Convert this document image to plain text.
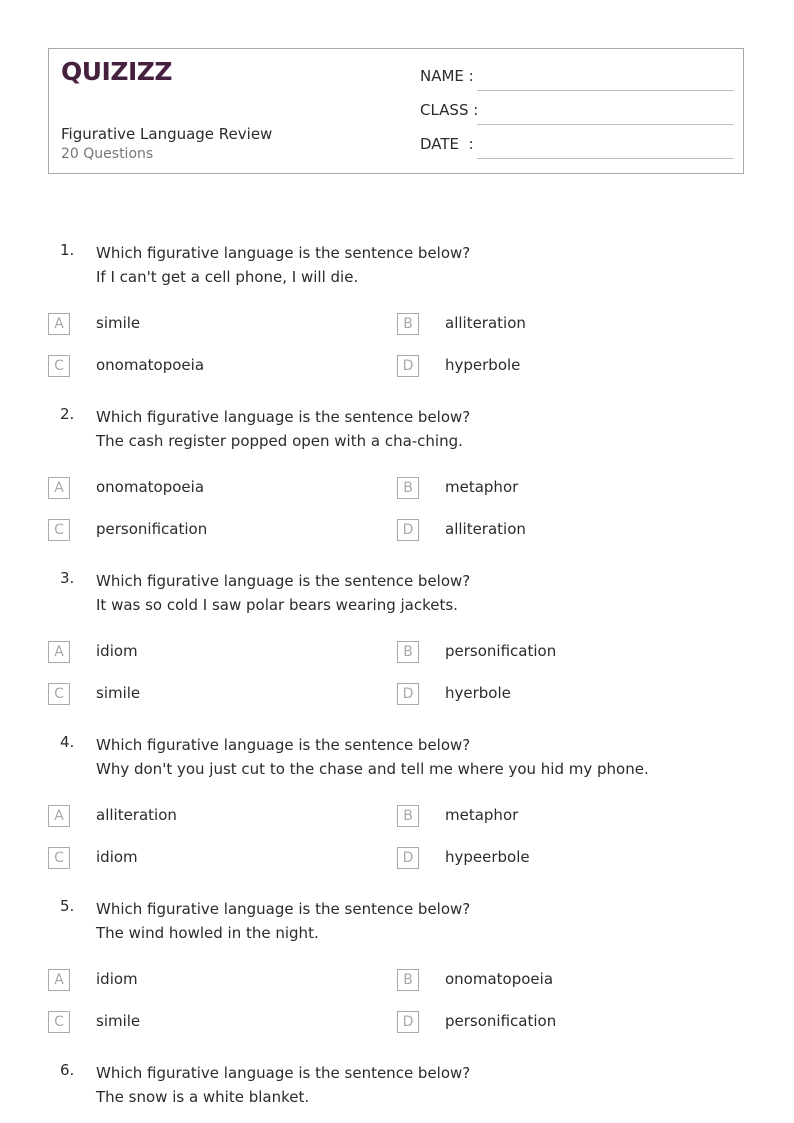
QUIZIZZ
Figurative Language Review
20 Questions
NAME :
CLASS :
DATE  :
1. Which figurative language is the sentence below?
If I can't get a cell phone, I will die.
A	simile	B	alliteration
C	onomatopoeia	D	hyperbole
2. Which figurative language is the sentence below?
The cash register popped open with a cha-ching.
A	onomatopoeia	B	metaphor
C	personification	D	alliteration
3. Which figurative language is the sentence below?
It was so cold I saw polar bears wearing jackets.
A	idiom	B	personification
C	simile	D	hyerbole
4. Which figurative language is the sentence below?
Why don't you just cut to the chase and tell me where you hid my phone.
A	alliteration	B	metaphor
C	idiom	D	hypeerbole
5. Which figurative language is the sentence below?
The wind howled in the night.
A	idiom	B	onomatopoeia
C	simile	D	personification
6. Which figurative language is the sentence below?
The snow is a white blanket.
